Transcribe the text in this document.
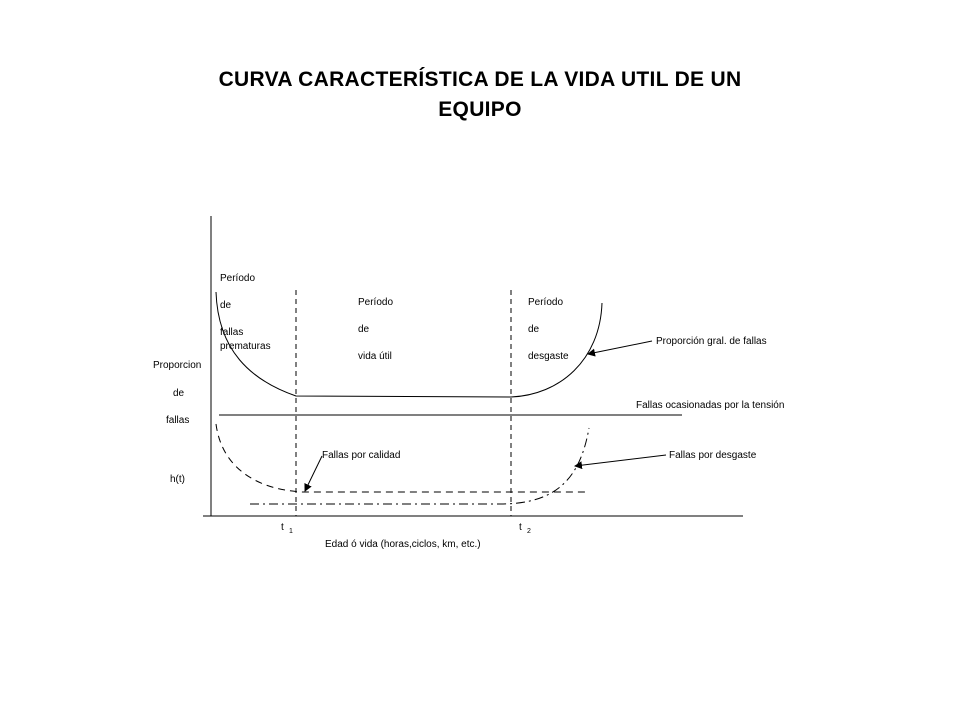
CURVA CARACTERÍSTICA DE LA VIDA UTIL DE UN
EQUIPO
Proporcion
de
fallas
h(t)
Período
de
fallas
prematuras
Período
de
vida útil
Período
de
desgaste
Proporción gral. de fallas
Fallas ocasionadas por la tensión
Fallas por calidad	Fallas por desgaste
t 1	t 2
Edad ó vida (horas,ciclos, km, etc.)
